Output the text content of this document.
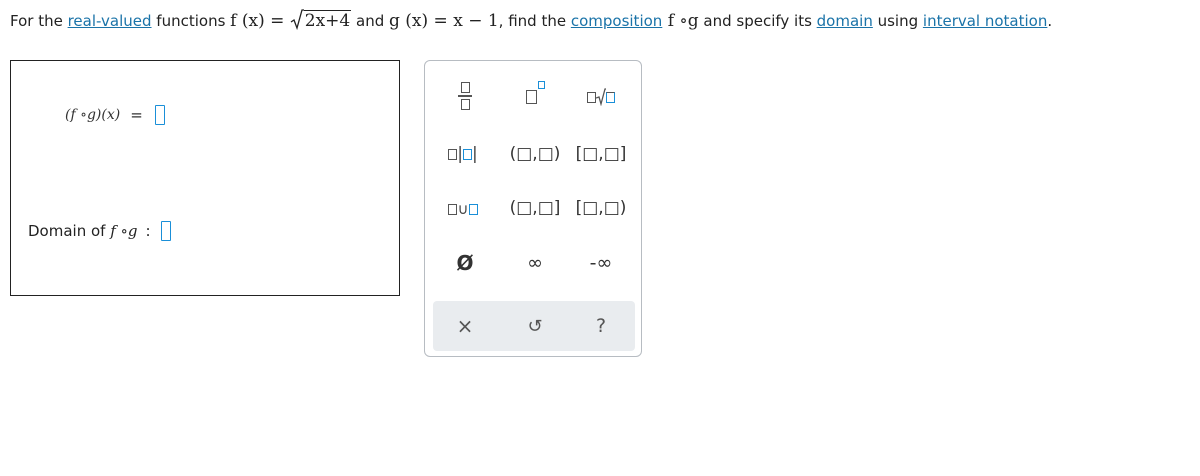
For the real-valued functions f (x) = 2x+4 and g (x) = x − 1, find the composition f ∘g and specify its domain using interval notation.
(f ∘g)(x) =
Domain of f ∘g :
| | (□,□) [□,□]
∪	(□,□] [□,□)
Ø	∞ -∞
×	↺	?
